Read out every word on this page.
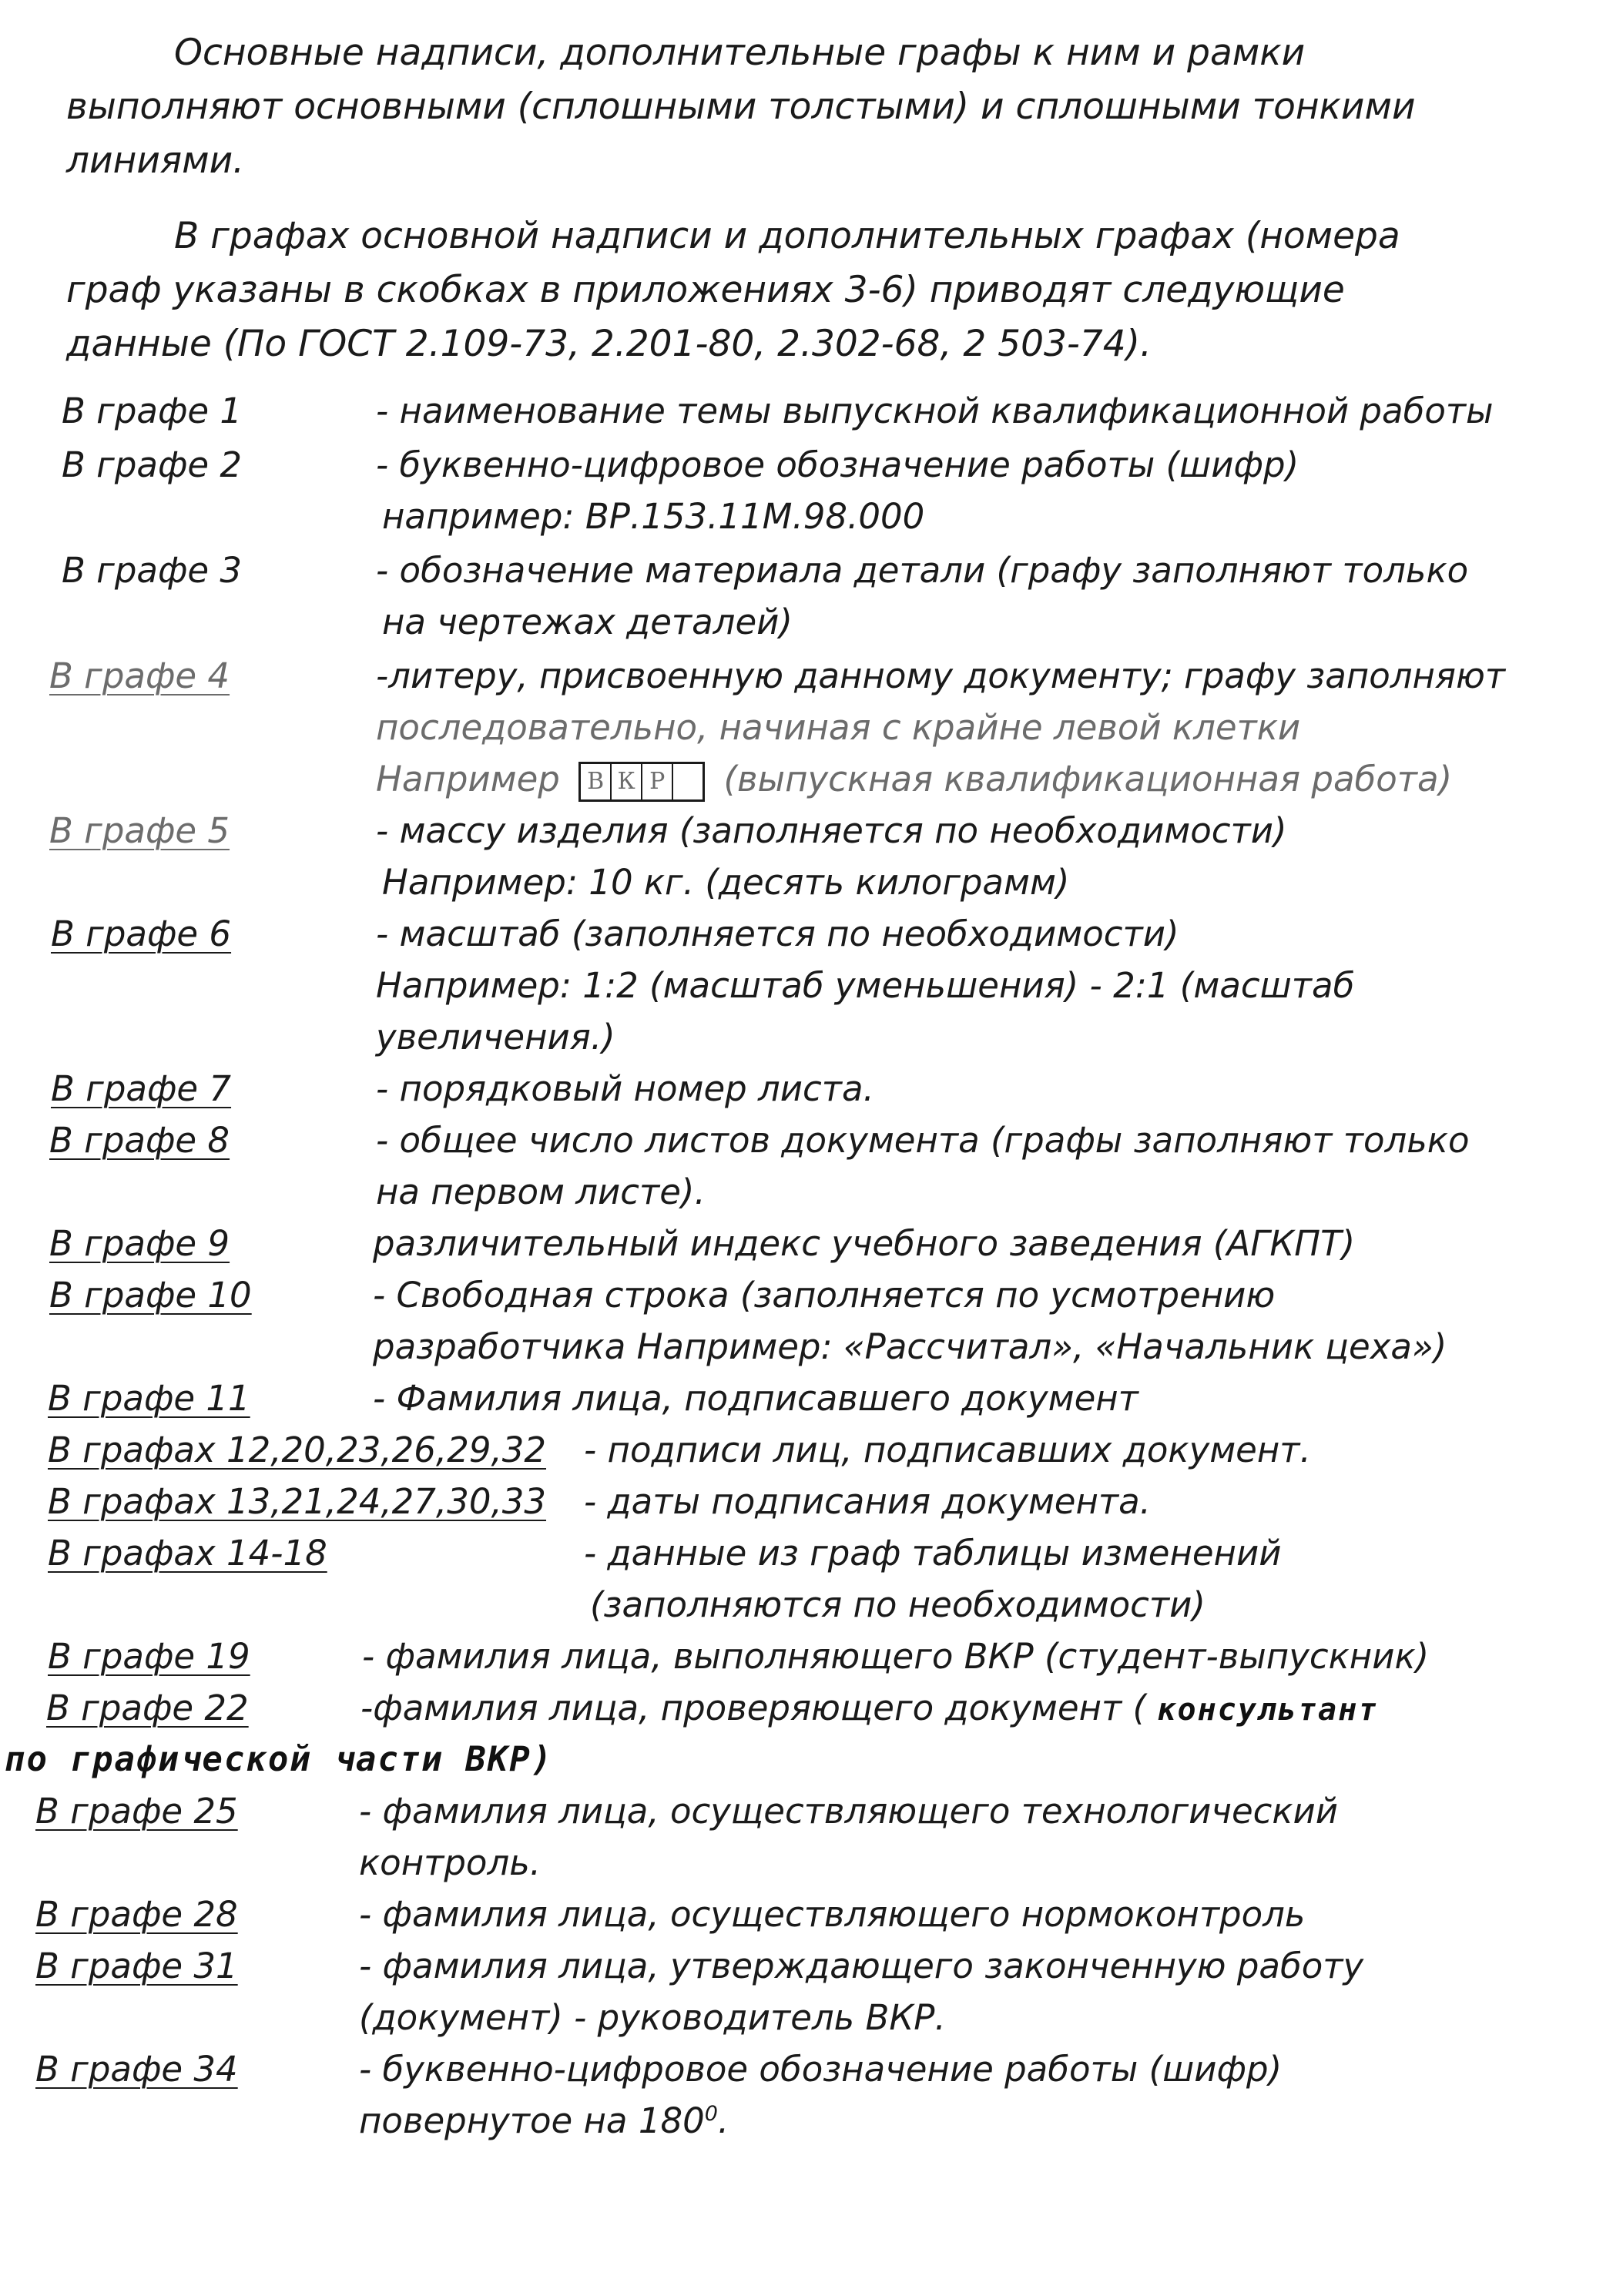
Основные надписи, дополнительные графы к ним и рамки
выполняют основными (сплошными толстыми) и сплошными тонкими
линиями.

В графах основной надписи и дополнительных графах (номера
граф указаны в скобках в приложениях 3-6) приводят следующие
данные (По ГОСТ 2.109-73, 2.201-80, 2.302-68, 2 503-74).

В графе 1	- наименование темы выпускной квалификационной работы
В графе 2	- буквенно-цифровое обозначение работы (шифр)
например: ВР.153.11М.98.000
В графе 3	- обозначение материала детали (графу заполняют только
на чертежах деталей)
В графе 4	-литеру, присвоенную данному документу; графу заполняют
последовательно, начиная с крайне левой клетки
Например В К Р (выпускная квалификационная работа)
В графе 5	- массу изделия (заполняется по необходимости)
Например: 10 кг. (десять килограмм)
В графе 6	- масштаб (заполняется по необходимости)
Например: 1:2 (масштаб уменьшения) - 2:1 (масштаб
увеличения.)
В графе 7	- порядковый номер листа.
В графе 8	- общее число листов документа (графы заполняют только
на первом листе).
В графе 9	различительный индекс учебного заведения (АГКПТ)
В графе 10	- Свободная строка (заполняется по усмотрению
разработчика Например: «Рассчитал», «Начальник цеха»)
В графе 11	- Фамилия лица, подписавшего документ
В графах 12,20,23,26,29,32 - подписи лиц, подписавших документ.
В графах 13,21,24,27,30,33 - даты подписания документа.
В графах 14-18	- данные из граф таблицы изменений
(заполняются по необходимости)
В графе 19	- фамилия лица, выполняющего ВКР (студент-выпускник)
В графе 22	-фамилия лица, проверяющего документ ( консультант
по графической части ВКР)
В графе 25	- фамилия лица, осуществляющего технологический
контроль.
В графе 28	- фамилия лица, осуществляющего нормоконтроль
В графе 31	- фамилия лица, утверждающего законченную работу
(документ) - руководитель ВКР.
В графе 34	- буквенно-цифровое обозначение работы (шифр)
повернутое на $180^0$.
